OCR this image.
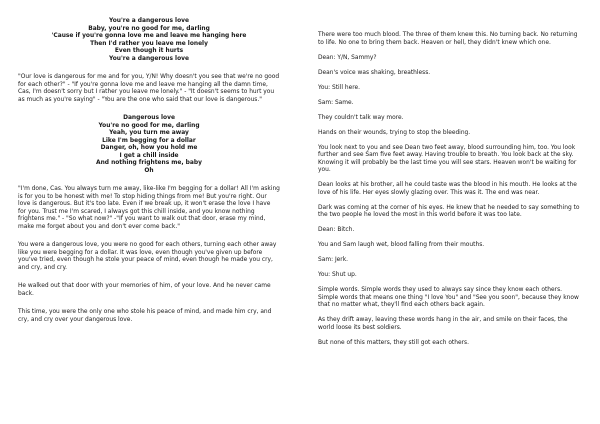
You're a dangerous love
Baby, you're no good for me, darling
'Cause if you're gonna love me and leave me hanging here
Then I'd rather you leave me lonely
Even though it hurts
You're a dangerous love

"Our love is dangerous for me and for you, Y/N! Why doesn't you see that we're no good for each other?" - "If you're gonna love me and leave me hanging all the damn time, Cas, I'm doesn't sorry but I rather you leave me lonely." - "It doesn't seems to hurt you as much as you're saying" - "You are the one who said that our love is dangerous."

Dangerous love
You're no good for me, darling
Yeah, you turn me away
Like I'm begging for a dollar
Danger, oh, how you hold me
I get a chill inside
And nothing frightens me, baby
Oh

"I'm done, Cas. You always turn me away, like-like I'm begging for a dollar! All I'm asking is for you to be honest with me! To stop hiding things from me! But you're right. Our love is dangerous. But it's too late. Even if we break up, it won't erase the love I have for you. Trust me I'm scared, I always got this chill inside, and you know nothing frightens me." - "So what now?" -"If you want to walk out that door, erase my mind, make me forget about you and don't ever come back."

You were a dangerous love, you were no good for each others, turning each other away like you were begging for a dollar. It was love, even though you've given up before you've tried, even though he stole your peace of mind, even though he made you cry, and cry, and cry.

He walked out that door with your memories of him, of your love. And he never came back.

This time, you were the only one who stole his peace of mind, and made him cry, and cry, and cry over your dangerous love.

There were too much blood. The three of them knew this. No turning back. No returning to life. No one to bring them back. Heaven or hell, they didn't knew which one.

Dean: Y/N, Sammy?

Dean's voice was shaking, breathless.

You: Still here.

Sam: Same.

They couldn't talk way more.

Hands on their wounds, trying to stop the bleeding.

You look next to you and see Dean two feet away, blood surrounding him, too. You look further and see Sam five feet away. Having trouble to breath. You look back at the sky. Knowing it will probably be the last time you will see stars. Heaven won't be waiting for you.

Dean looks at his brother, all he could taste was the blood in his mouth. He looks at the love of his life. Her eyes slowly glazing over. This was it. The end was near.

Dark was coming at the corner of his eyes. He knew that he needed to say something to the two people he loved the most in this world before it was too late.

Dean: Bitch.

You and Sam laugh wet, blood falling from their mouths.

Sam: Jerk.

You: Shut up.

Simple words. Simple words they used to always say since they know each others. Simple words that means one thing "I love You" and "See you soon", because they know that no matter what, they'll find each others back again.

As they drift away, leaving these words hang in the air, and smile on their faces, the world loose its best soldiers.

But none of this matters, they still got each others.
